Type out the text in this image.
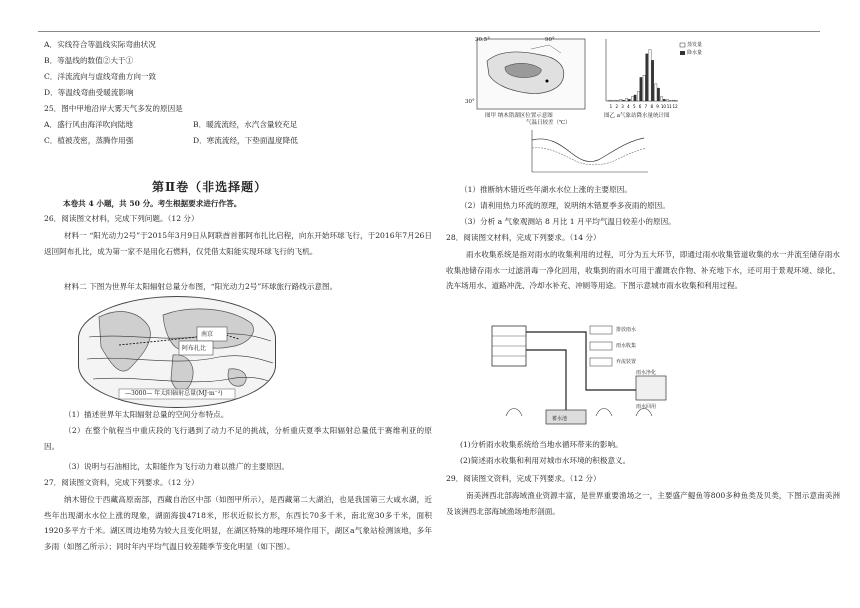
A．实线符合等温线实际弯曲状况
B．等温线的数值②大于①
C．洋流流向与虚线弯曲方向一致
D．等温线弯曲受暖流影响
25．图中甲地沿岸大雾天气多发的原因是
A．盛行风由海洋吹向陆地	B．暖流流经，水汽含量较充足
C．植被茂密，蒸腾作用强	D．寒流流经，下垫面温度降低
第Ⅱ卷（非选择题）
本卷共 4 小题，共 50 分。考生根据要求进行作答。
26．阅读图文材料，完成下列问题。（12 分）
材料一 “阳光动力2号”于2015年3月9日从阿联酋首都阿布扎比启程，向东开始环球飞行，于2016年7月26日返回阿布扎比，成为第一家不是用化石燃料，仅凭借太阳能实现环球飞行的飞机。
材料二 下图为世界年太阳辐射总量分布图，“阳光动力2号”环球旅行路线示意图。
南京
阿布扎比
—3000— 年太阳辐射总量(MJ·m⁻²)
（1）描述世界年太阳辐射总量的空间分布特点。
（2）在整个航程当中重庆段的飞行遇到了动力不足的挑战，分析重庆夏季太阳辐射总量低于赛维利亚的原因。
（3）说明与石油相比，太阳能作为飞行动力难以推广的主要原因。
27．阅读图文资料，完成下列要求。（12 分）
纳木错位于西藏高原南部，西藏自治区中部（如图甲所示），是西藏第二大湖泊，也是我国第三大咸水湖，近些年出现湖水水位上涨的现象，湖面海拔4718米，形状近似长方形，东西长70多千米，南北宽30多千米，面积1920多平方千米。湖区周边地势为较大且变化明显，在湖区特殊的地理环境作用下，湖区a气象站检测该地，多年多雨（如图乙所示）；同时年内平均气温日较差随季节变化明显（如下图）。
30.5°
30°
90°
图甲 纳木错湖区位置示意图
1 2 3 4 5 6 7 8 9 10 11 12
蒸发量
降水量
图乙 a气象站降水量统计图
气温日较差（℃）
（1）推断纳木错近些年湖水水位上涨的主要原因。
（2）请利用热力环流的原理，说明纳木错夏季多夜雨的原因。
（3）分析 a 气象观测站 8 月比 1 月平均气温日较差小的原因。
28．阅读图文材料，完成下列要求。（14 分）
雨水收集系统是指对雨水的收集利用的过程，可分为五大环节，即通过雨水收集管道收集的水一并流至储存雨水收集池储存雨水一过滤消毒一净化回用，收集到的雨水可用于灌溉农作物、补充地下水，还可用于景观环境、绿化、洗车场用水、道路冲洗、冷却水补充、冲厕等用途。下图示意城市雨水收集和利用过程。
排放雨水
雨水收集
弃流装置
雨水净化
雨水回用
蓄水池
(1)分析雨水收集系统给当地水循环带来的影响。
(2)简述雨水收集和利用对城市水环境的积极意义。
29．阅读图文资料，完成下列要求。（12 分）
南美洲西北部海域渔业资源丰富，是世界重要渔场之一，主要盛产鳀鱼等800多种鱼类及贝类，下图示意南美洲及该洲西北部海域渔场地形剖面。
